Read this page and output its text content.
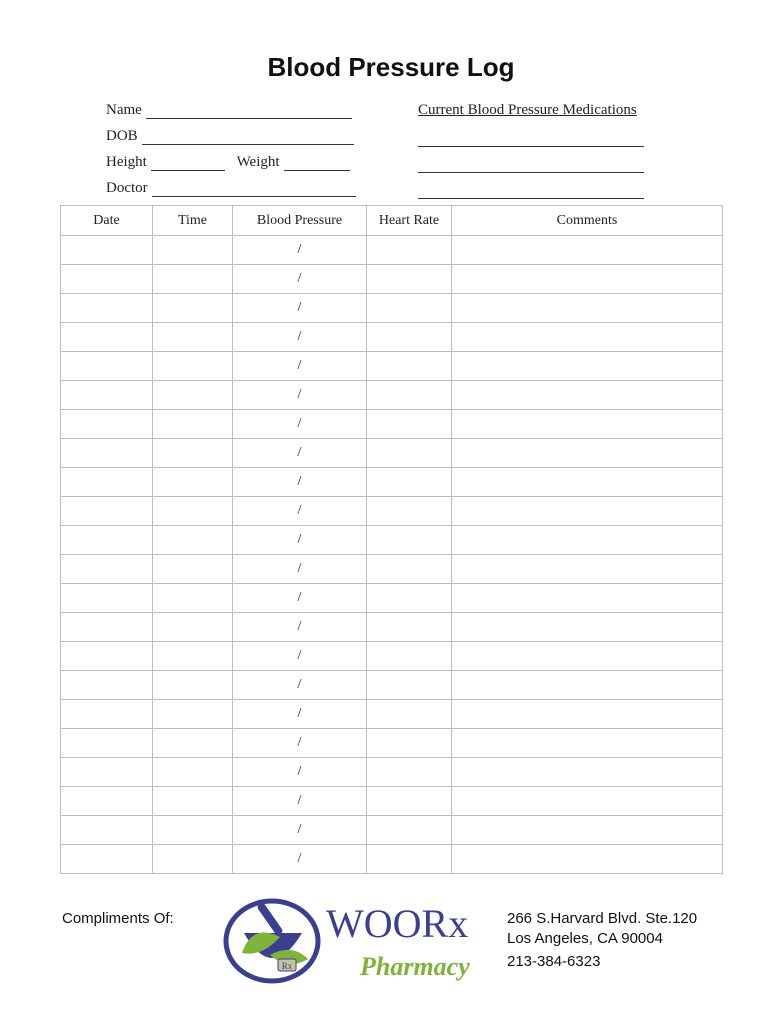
Blood Pressure Log
Name
DOB
Height	Weight
Doctor
Current Blood Pressure Medications
Date	Time	Blood Pressure	Heart Rate	Comments
		/		
		/		
		/		
		/		
		/		
		/		
		/		
		/		
		/		
		/		
		/		
		/		
		/		
		/		
		/		
		/		
		/		
		/		
		/		
		/		
		/		
		/		
Compliments Of:
Rx
WOORx
Pharmacy
266 S.Harvard Blvd. Ste.120
Los Angeles, CA 90004
213-384-6323
